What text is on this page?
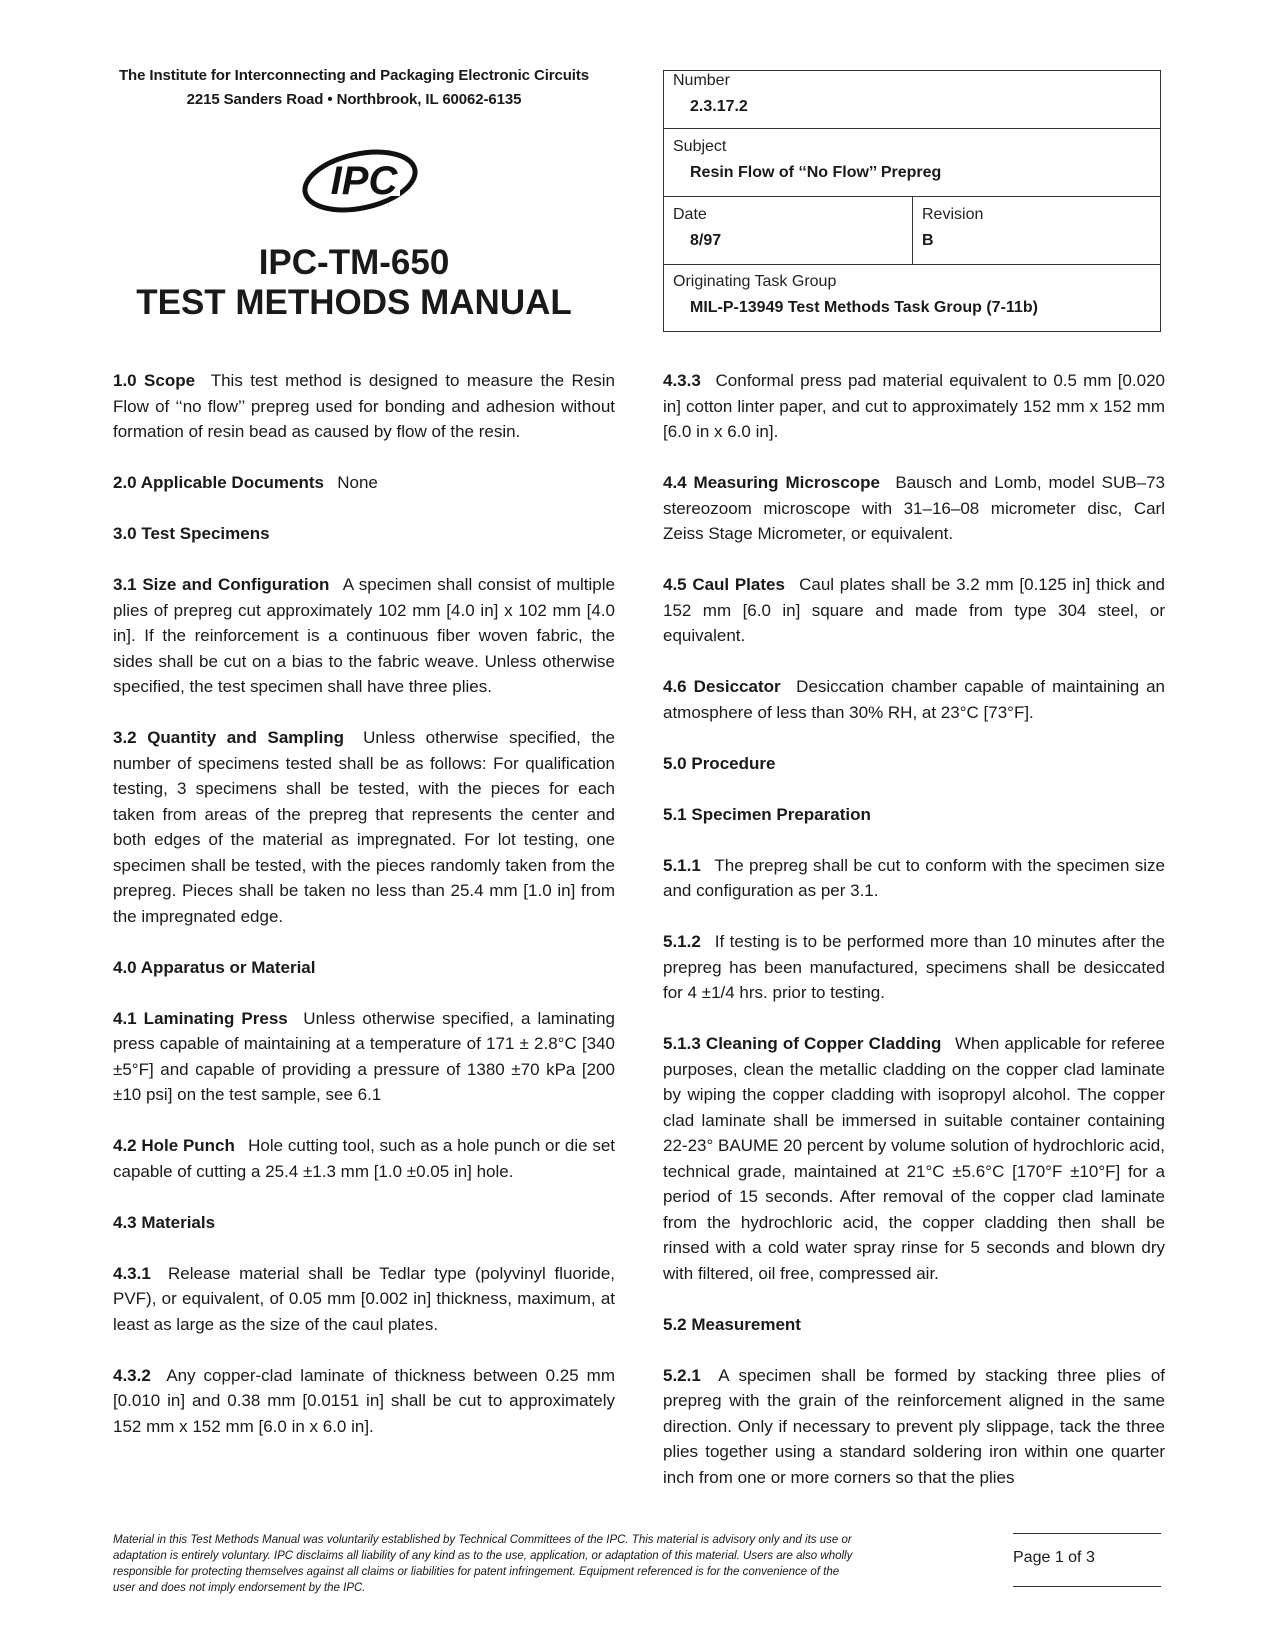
The Institute for Interconnecting and Packaging Electronic Circuits
2215 Sanders Road • Northbrook, IL 60062-6135
IPC
IPC-TM-650
TEST METHODS MANUAL
Number
2.3.17.2
Subject
Resin Flow of ‘‘No Flow’’ Prepreg
Date
8/97
Revision
B
Originating Task Group
MIL-P-13949 Test Methods Task Group (7-11b)

1.0 Scope  This test method is designed to measure the Resin Flow of ‘‘no flow’’ prepreg used for bonding and adhesion without formation of resin bead as caused by flow of the resin.

2.0 Applicable Documents  None

3.0 Test Specimens

3.1 Size and Configuration  A specimen shall consist of multiple plies of prepreg cut approximately 102 mm [4.0 in] x 102 mm [4.0 in]. If the reinforcement is a continuous fiber woven fabric, the sides shall be cut on a bias to the fabric weave. Unless otherwise specified, the test specimen shall have three plies.

3.2 Quantity and Sampling  Unless otherwise specified, the number of specimens tested shall be as follows: For qualification testing, 3 specimens shall be tested, with the pieces for each taken from areas of the prepreg that represents the center and both edges of the material as impregnated. For lot testing, one specimen shall be tested, with the pieces randomly taken from the prepreg. Pieces shall be taken no less than 25.4 mm [1.0 in] from the impregnated edge.

4.0 Apparatus or Material

4.1 Laminating Press  Unless otherwise specified, a laminating press capable of maintaining at a temperature of 171 ± 2.8°C [340 ±5°F] and capable of providing a pressure of 1380 ±70 kPa [200 ±10 psi] on the test sample, see 6.1

4.2 Hole Punch  Hole cutting tool, such as a hole punch or die set capable of cutting a 25.4 ±1.3 mm [1.0 ±0.05 in] hole.

4.3 Materials

4.3.1  Release material shall be Tedlar type (polyvinyl fluoride, PVF), or equivalent, of 0.05 mm [0.002 in] thickness, maximum, at least as large as the size of the caul plates.

4.3.2  Any copper-clad laminate of thickness between 0.25 mm [0.010 in] and 0.38 mm [0.0151 in] shall be cut to approximately 152 mm x 152 mm [6.0 in x 6.0 in].

4.3.3  Conformal press pad material equivalent to 0.5 mm [0.020 in] cotton linter paper, and cut to approximately 152 mm x 152 mm [6.0 in x 6.0 in].

4.4 Measuring Microscope  Bausch and Lomb, model SUB–73 stereozoom microscope with 31–16–08 micrometer disc, Carl Zeiss Stage Micrometer, or equivalent.

4.5 Caul Plates  Caul plates shall be 3.2 mm [0.125 in] thick and 152 mm [6.0 in] square and made from type 304 steel, or equivalent.

4.6 Desiccator  Desiccation chamber capable of maintaining an atmosphere of less than 30% RH, at 23°C [73°F].

5.0 Procedure

5.1 Specimen Preparation

5.1.1  The prepreg shall be cut to conform with the specimen size and configuration as per 3.1.

5.1.2  If testing is to be performed more than 10 minutes after the prepreg has been manufactured, specimens shall be desiccated for 4 ±1/4 hrs. prior to testing.

5.1.3 Cleaning of Copper Cladding  When applicable for referee purposes, clean the metallic cladding on the copper clad laminate by wiping the copper cladding with isopropyl alcohol. The copper clad laminate shall be immersed in suitable container containing 22-23° BAUME 20 percent by volume solution of hydrochloric acid, technical grade, maintained at 21°C ±5.6°C [170°F ±10°F] for a period of 15 seconds. After removal of the copper clad laminate from the hydrochloric acid, the copper cladding then shall be rinsed with a cold water spray rinse for 5 seconds and blown dry with filtered, oil free, compressed air.

5.2 Measurement

5.2.1  A specimen shall be formed by stacking three plies of prepreg with the grain of the reinforcement aligned in the same direction. Only if necessary to prevent ply slippage, tack the three plies together using a standard soldering iron within one quarter inch from one or more corners so that the plies

Material in this Test Methods Manual was voluntarily established by Technical Committees of the IPC. This material is advisory only and its use or adaptation is entirely voluntary. IPC disclaims all liability of any kind as to the use, application, or adaptation of this material. Users are also wholly responsible for protecting themselves against all claims or liabilities for patent infringement. Equipment referenced is for the convenience of the user and does not imply endorsement by the IPC.
Page 1 of 3
